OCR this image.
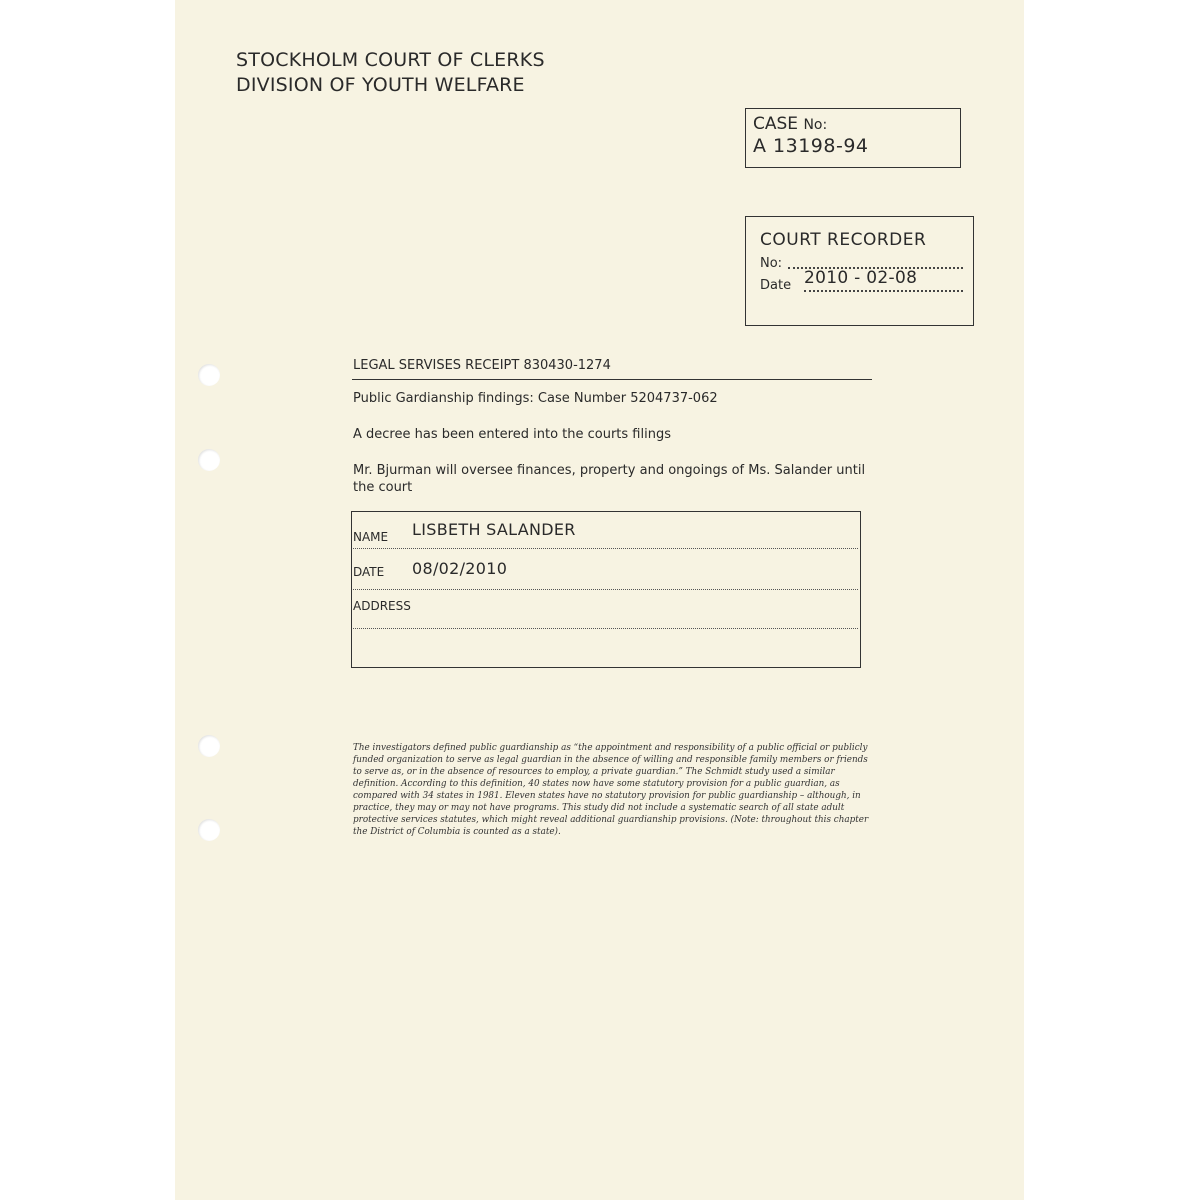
STOCKHOLM COURT OF CLERKS
DIVISION OF YOUTH WELFARE
CASE No:
A 13198-94
COURT RECORDER
No:
Date 2010 - 02-08
LEGAL SERVISES RECEIPT 830430-1274
Public Gardianship findings: Case Number 5204737-062
A decree has been entered into the courts filings
Mr. Bjurman will oversee finances, property and ongoings of Ms. Salander until the court
NAME LISBETH SALANDER
DATE 08/02/2010
ADDRESS
The investigators defined public guardianship as “the appointment and responsibility of a public official or publicly funded organization to serve as legal guardian in the absence of willing and responsible family members or friends to serve as, or in the absence of resources to employ, a private guardian.” The Schmidt study used a similar definition. According to this definition, 40 states now have some statutory provision for a public guardian, as compared with 34 states in 1981. Eleven states have no statutory provision for public guardianship – although, in practice, they may or may not have programs. This study did not include a systematic search of all state adult protective services statutes, which might reveal additional guardianship provisions. (Note: throughout this chapter the District of Columbia is counted as a state).
